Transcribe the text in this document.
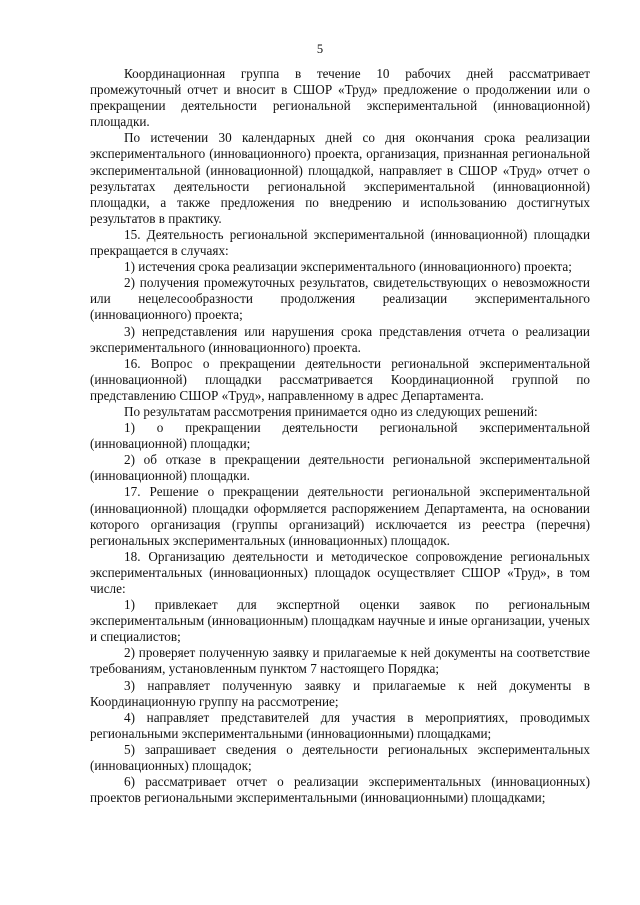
5

Координационная группа в течение 10 рабочих дней рассматривает промежуточный отчет и вносит в СШОР «Труд» предложение о продолжении или о прекращении деятельности региональной экспериментальной (инновационной) площадки.

По истечении 30 календарных дней со дня окончания срока реализации экспериментального (инновационного) проекта, организация, признанная региональной экспериментальной (инновационной) площадкой, направляет в СШОР «Труд» отчет о результатах деятельности региональной экспериментальной (инновационной) площадки, а также предложения по внедрению и использованию достигнутых результатов в практику.

15. Деятельность региональной экспериментальной (инновационной) площадки прекращается в случаях:

1) истечения срока реализации экспериментального (инновационного) проекта;

2) получения промежуточных результатов, свидетельствующих о невозможности или нецелесообразности продолжения реализации экспериментального (инновационного) проекта;

3) непредставления или нарушения срока представления отчета о реализации экспериментального (инновационного) проекта.

16. Вопрос о прекращении деятельности региональной экспериментальной (инновационной) площадки рассматривается Координационной группой по представлению СШОР «Труд», направленному в адрес Департамента.

По результатам рассмотрения принимается одно из следующих решений:

1) о прекращении деятельности региональной экспериментальной (инновационной) площадки;

2) об отказе в прекращении деятельности региональной экспериментальной (инновационной) площадки.

17. Решение о прекращении деятельности региональной экспериментальной (инновационной) площадки оформляется распоряжением Департамента, на основании которого организация (группы организаций) исключается из реестра (перечня) региональных экспериментальных (инновационных) площадок.

18. Организацию деятельности и методическое сопровождение региональных экспериментальных (инновационных) площадок осуществляет СШОР «Труд», в том числе:

1) привлекает для экспертной оценки заявок по региональным экспериментальным (инновационным) площадкам научные и иные организации, ученых и специалистов;

2) проверяет полученную заявку и прилагаемые к ней документы на соответствие требованиям, установленным пунктом 7 настоящего Порядка;

3) направляет полученную заявку и прилагаемые к ней документы в Координационную группу на рассмотрение;

4) направляет представителей для участия в мероприятиях, проводимых региональными экспериментальными (инновационными) площадками;

5) запрашивает сведения о деятельности региональных экспериментальных (инновационных) площадок;

6) рассматривает отчет о реализации экспериментальных (инновационных) проектов региональными экспериментальными (инновационными) площадками;
